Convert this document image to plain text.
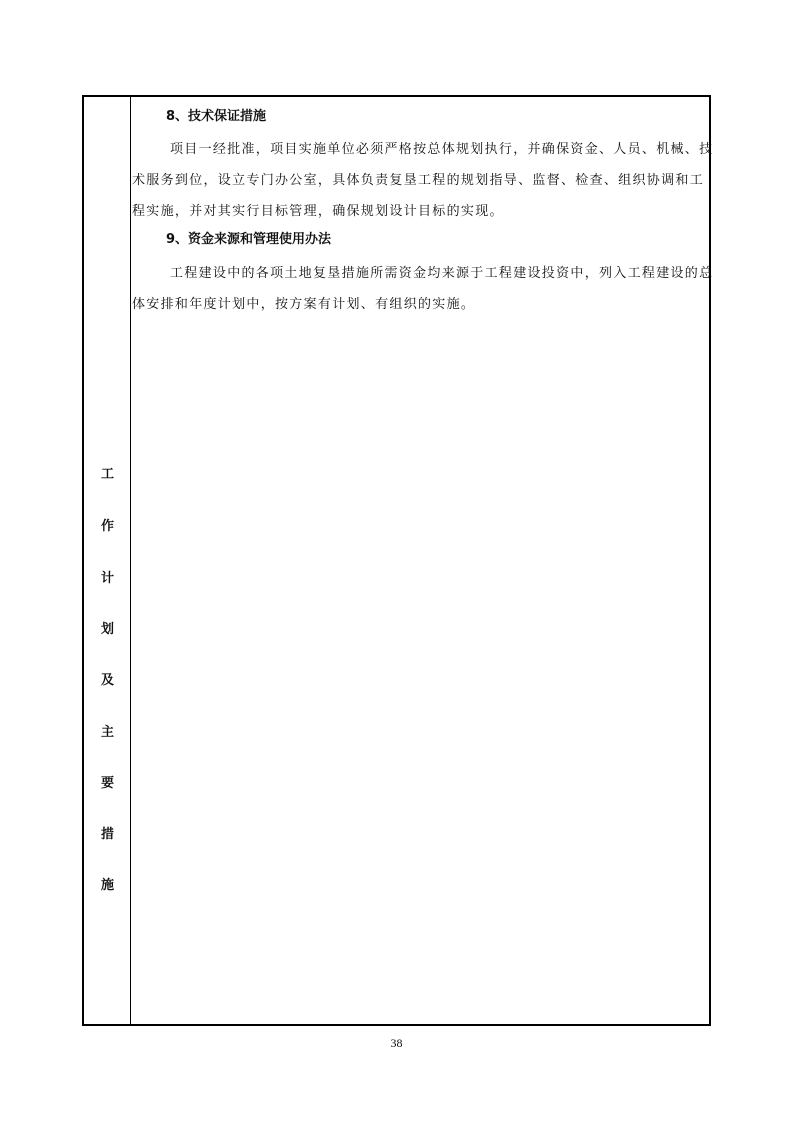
工
作
计
划
及
主
要
措
施
8、技术保证措施
项目一经批准，项目实施单位必须严格按总体规划执行，并确保资金、人员、机械、技
术服务到位，设立专门办公室，具体负责复垦工程的规划指导、监督、检查、组织协调和工
程实施，并对其实行目标管理，确保规划设计目标的实现。
9、资金来源和管理使用办法
工程建设中的各项土地复垦措施所需资金均来源于工程建设投资中，列入工程建设的总
体安排和年度计划中，按方案有计划、有组织的实施。
38
